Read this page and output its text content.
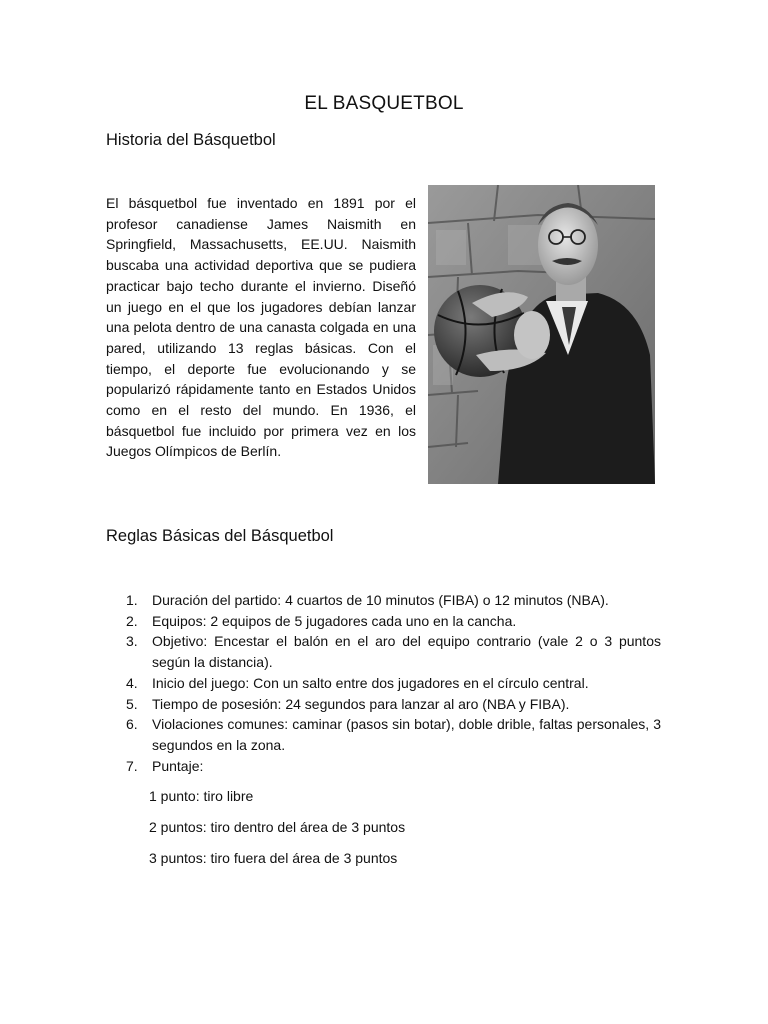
EL BASQUETBOL
Historia del Básquetbol
El básquetbol fue inventado en 1891 por el profesor canadiense James Naismith en Springfield, Massachusetts, EE.UU. Naismith buscaba una actividad deportiva que se pudiera practicar bajo techo durante el invierno. Diseñó un juego en el que los jugadores debían lanzar una pelota dentro de una canasta colgada en una pared, utilizando 13 reglas básicas. Con el tiempo, el deporte fue evolucionando y se popularizó rápidamente tanto en Estados Unidos como en el resto del mundo. En 1936, el básquetbol fue incluido por primera vez en los Juegos Olímpicos de Berlín.
Reglas Básicas del Básquetbol
1. Duración del partido: 4 cuartos de 10 minutos (FIBA) o 12 minutos (NBA).
2. Equipos: 2 equipos de 5 jugadores cada uno en la cancha.
3. Objetivo: Encestar el balón en el aro del equipo contrario (vale 2 o 3 puntos según la distancia).
4. Inicio del juego: Con un salto entre dos jugadores en el círculo central.
5. Tiempo de posesión: 24 segundos para lanzar al aro (NBA y FIBA).
6. Violaciones comunes: caminar (pasos sin botar), doble drible, faltas personales, 3 segundos en la zona.
7. Puntaje:
1 punto: tiro libre
2 puntos: tiro dentro del área de 3 puntos
3 puntos: tiro fuera del área de 3 puntos
